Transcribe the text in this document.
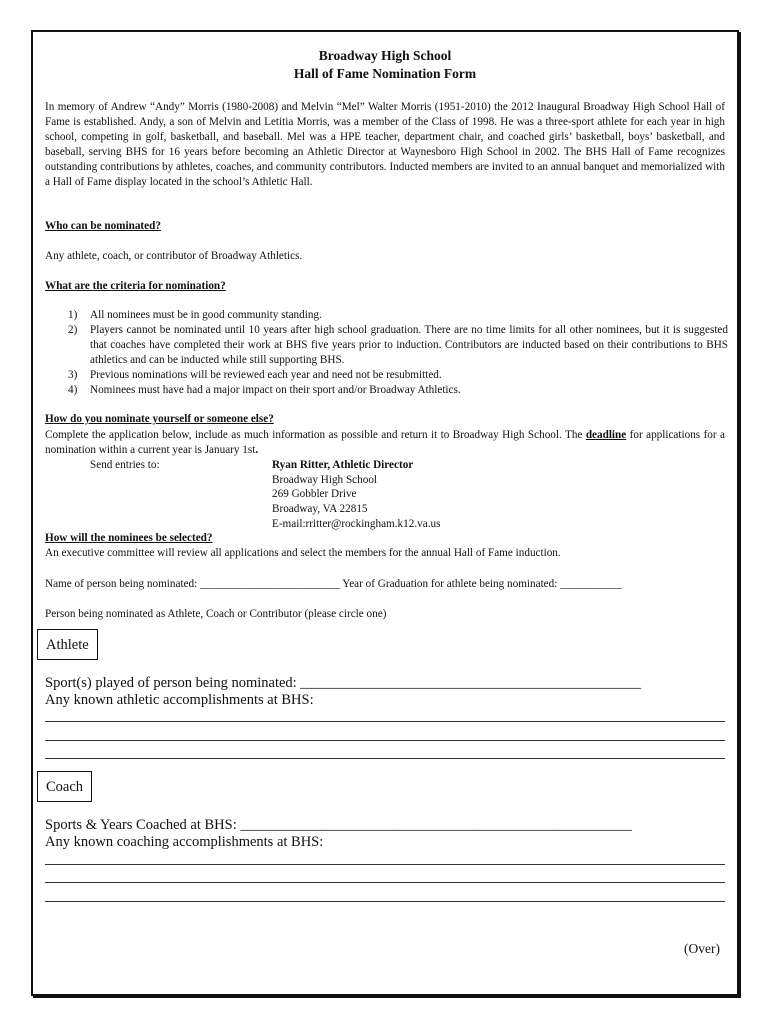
Broadway High School
Hall of Fame Nomination Form
In memory of Andrew “Andy” Morris (1980-2008) and Melvin “Mel” Walter Morris (1951-2010) the 2012 Inaugural Broadway High School Hall of Fame is established. Andy, a son of Melvin and Letitia Morris, was a member of the Class of 1998. He was a three-sport athlete for each year in high school, competing in golf, basketball, and baseball. Mel was a HPE teacher, department chair, and coached girls’ basketball, boys’ basketball, and baseball, serving BHS for 16 years before becoming an Athletic Director at Waynesboro High School in 2002. The BHS Hall of Fame recognizes outstanding contributions by athletes, coaches, and community contributors. Inducted members are invited to an annual banquet and memorialized with a Hall of Fame display located in the school’s Athletic Hall.
Who can be nominated?
Any athlete, coach, or contributor of Broadway Athletics.
What are the criteria for nomination?
1)	All nominees must be in good community standing.
2)	Players cannot be nominated until 10 years after high school graduation. There are no time limits for all other nominees, but it is suggested that coaches have completed their work at BHS five years prior to induction. Contributors are inducted based on their contributions to BHS athletics and can be inducted while still supporting BHS.
3)	Previous nominations will be reviewed each year and need not be resubmitted.
4)	Nominees must have had a major impact on their sport and/or Broadway Athletics.
How do you nominate yourself or someone else?
Complete the application below, include as much information as possible and return it to Broadway High School. The deadline for applications for a nomination within a current year is January 1st.
Send entries to:	Ryan Ritter, Athletic Director
Broadway High School
269 Gobbler Drive
Broadway, VA 22815
E-mail:rritter@rockingham.k12.va.us
How will the nominees be selected?
An executive committee will review all applications and select the members for the annual Hall of Fame induction.
Name of person being nominated: _________________________ Year of Graduation for athlete being nominated: ___________
Person being nominated as Athlete, Coach or Contributor (please circle one)
Athlete
Sport(s) played of person being nominated: _______________________________________________
Any known athletic accomplishments at BHS:
Coach
Sports & Years Coached at BHS: ______________________________________________________
Any known coaching accomplishments at BHS:
(Over)
